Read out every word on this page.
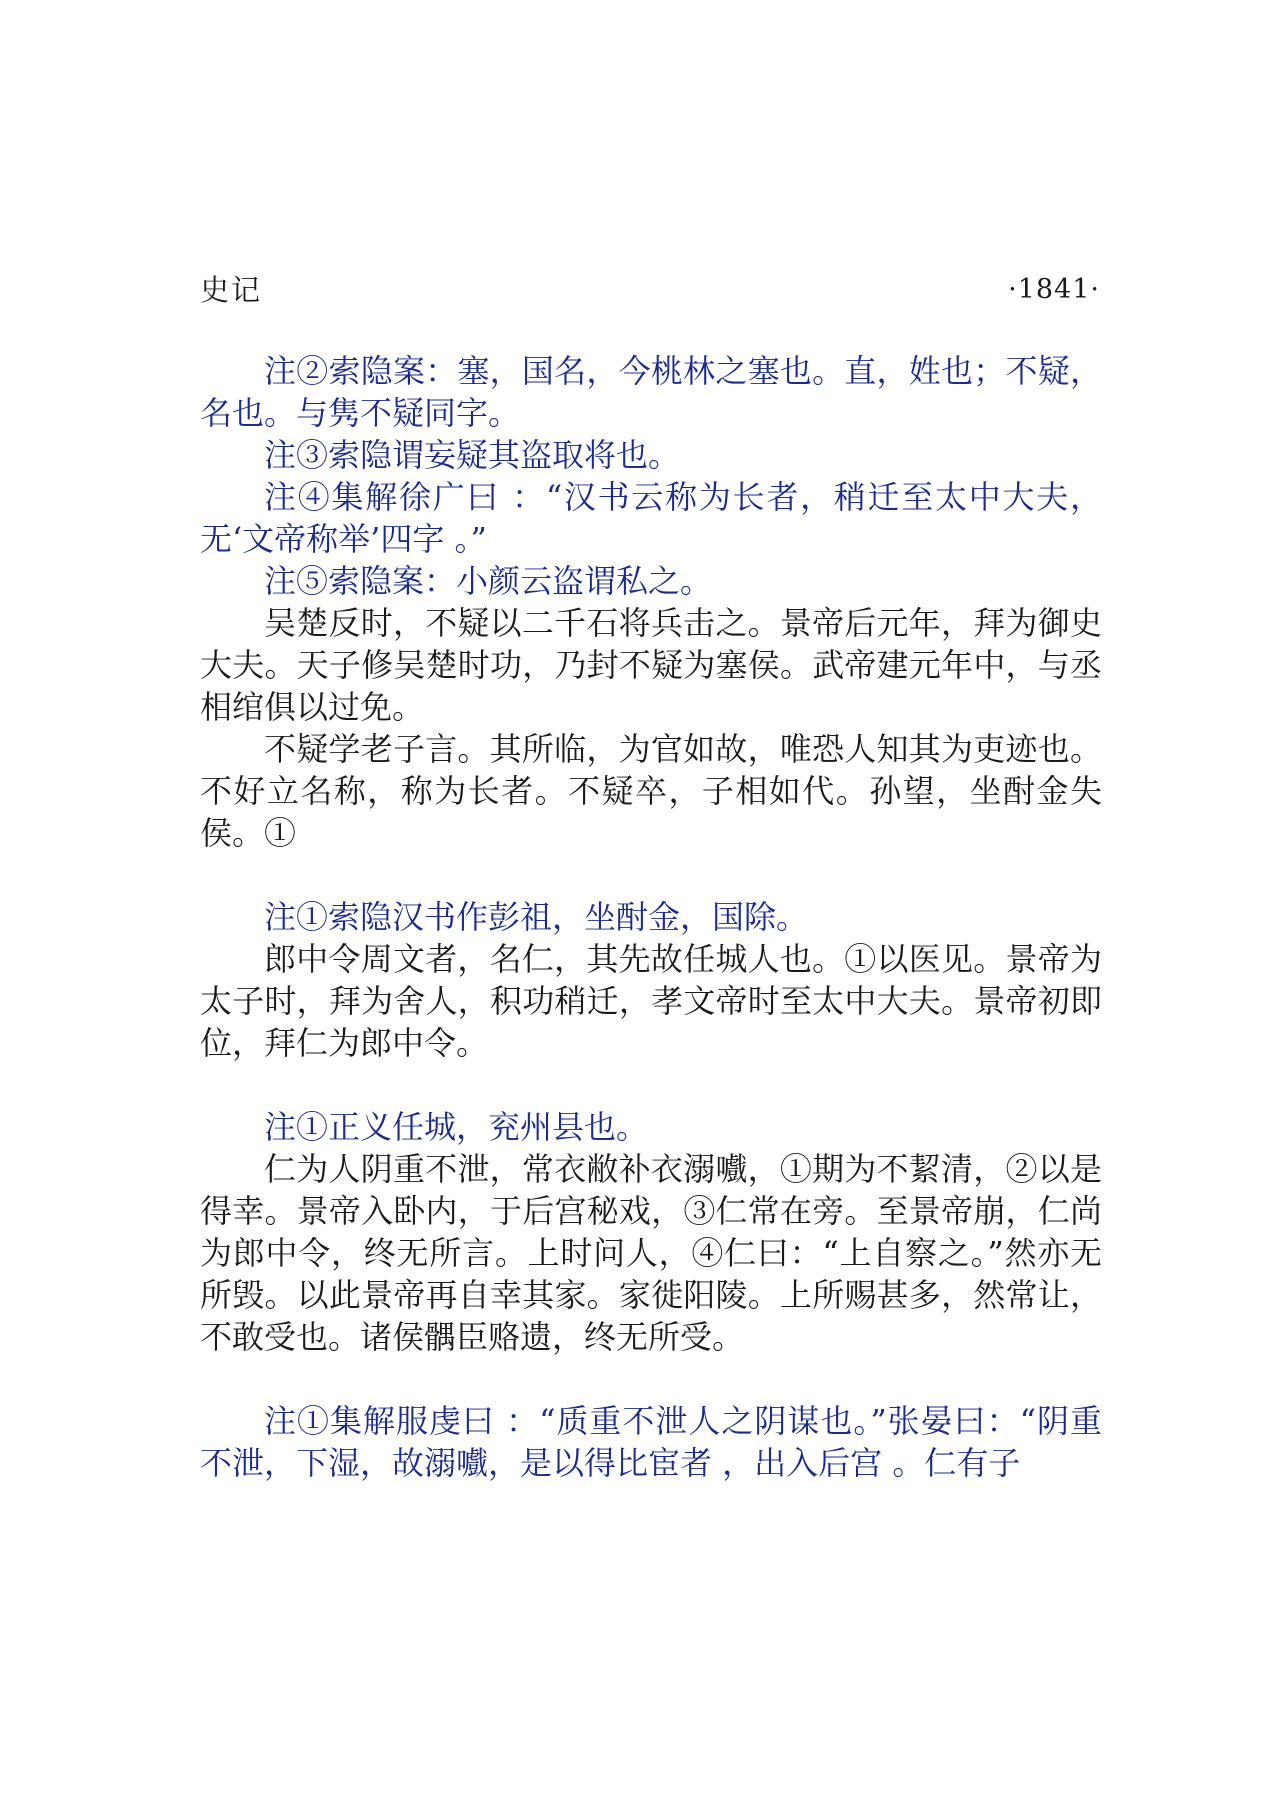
史记	·1841·

注②索隐案：塞，国名，今桃林之塞也。直，姓也；不疑，名也。与隽不疑同字。

注③索隐谓妄疑其盗取将也。

注④集解徐广曰 ：“汉书云称为长者，稍迁至太中大夫，无‘文帝称举’四字 。”

注⑤索隐案：小颜云盗谓私之。

吴楚反时，不疑以二千石将兵击之。景帝后元年，拜为御史大夫。天子修吴楚时功，乃封不疑为塞侯。武帝建元年中，与丞相绾俱以过免。

不疑学老子言。其所临，为官如故，唯恐人知其为吏迹也。不好立名称，称为长者。不疑卒，子相如代。孙望，坐酎金失侯。①

注①索隐汉书作彭祖，坐酎金，国除。

郎中令周文者，名仁，其先故任城人也。①以医见。景帝为太子时，拜为舍人，积功稍迁，孝文帝时至太中大夫。景帝初即位，拜仁为郎中令。

注①正义任城，兖州县也。

仁为人阴重不泄，常衣敝补衣溺嚱，①期为不絜清，②以是得幸。景帝入卧内，于后宫秘戏，③仁常在旁。至景帝崩，仁尚为郎中令，终无所言。上时问人，④仁曰：“上自察之。”然亦无所毁。以此景帝再自幸其家。家徙阳陵。上所赐甚多，然常让，不敢受也。诸侯髃臣赂遗，终无所受。

注①集解服虔曰 ：“质重不泄人之阴谋也。”张晏曰：“阴重不泄，下湿，故溺嚱，是以得比宦者 ，出入后宫 。仁有子
